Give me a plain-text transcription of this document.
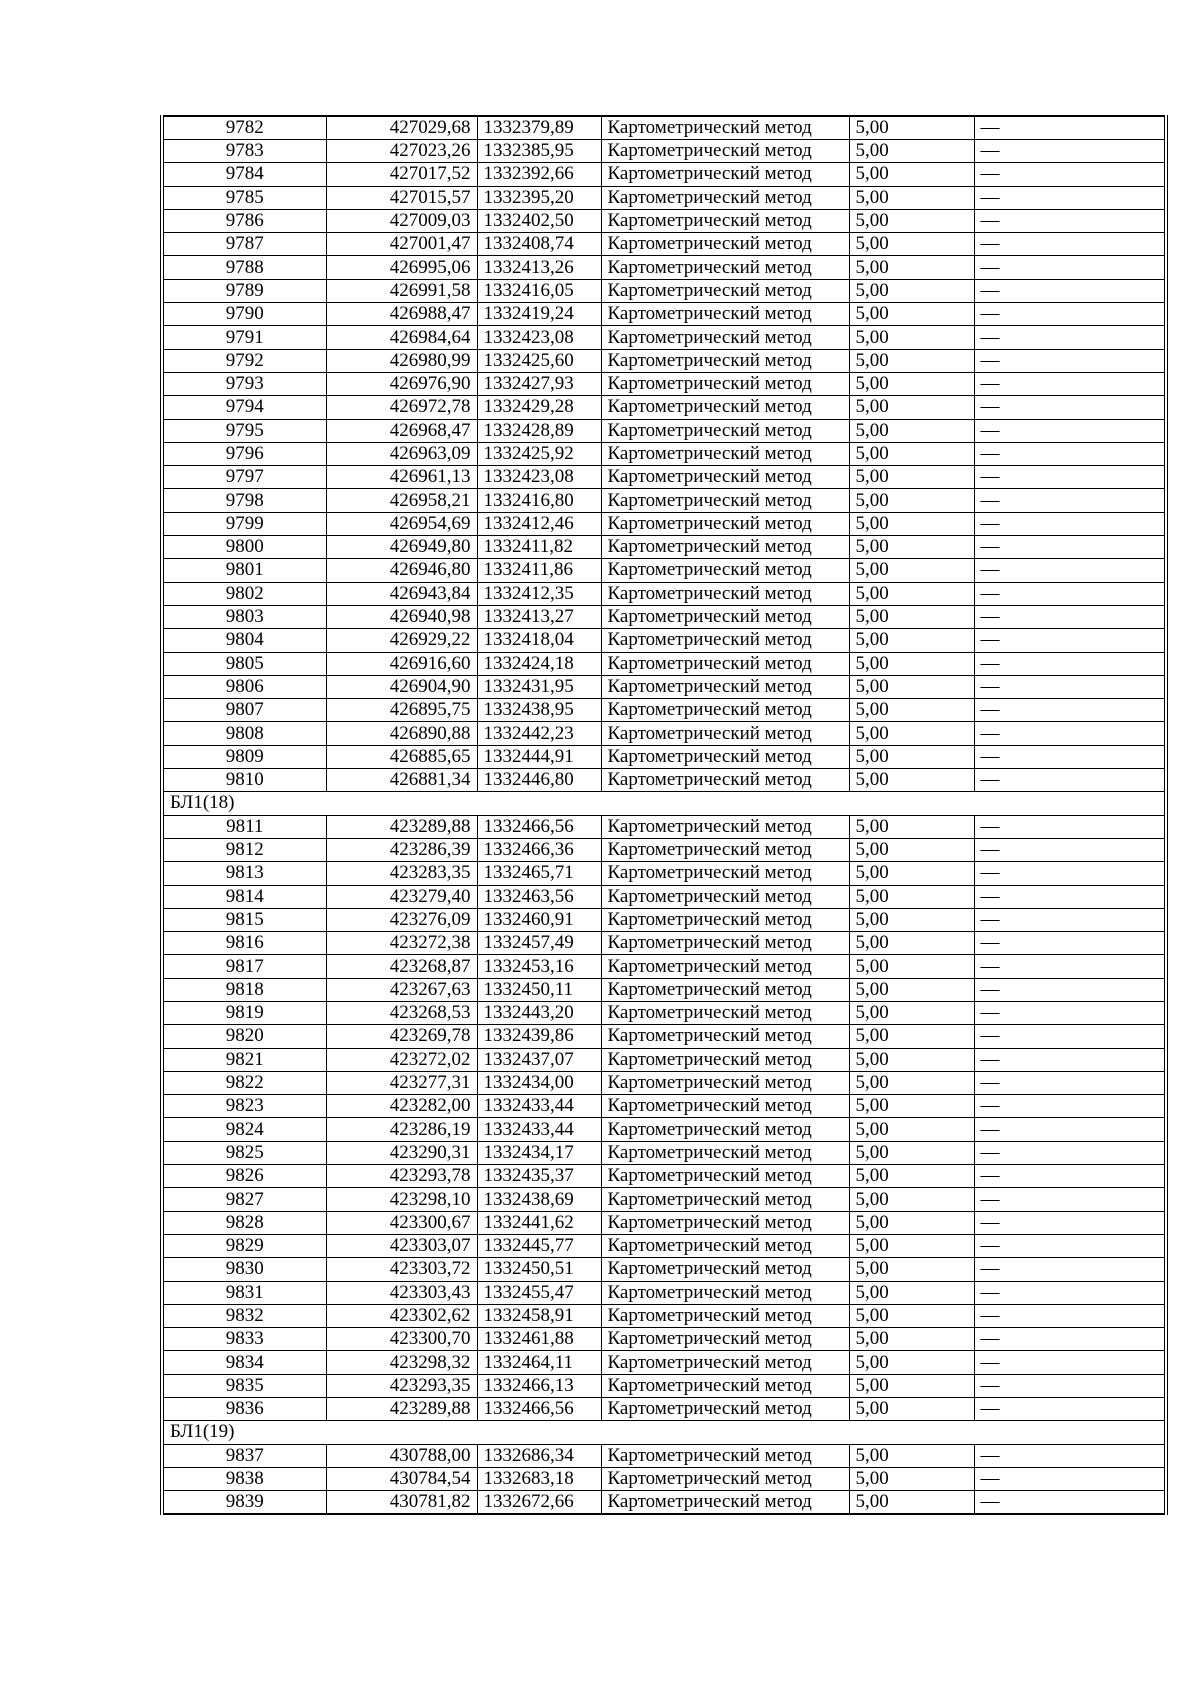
9782	427029,68	1332379,89	Картометрический метод	5,00	—
9783	427023,26	1332385,95	Картометрический метод	5,00	—
9784	427017,52	1332392,66	Картометрический метод	5,00	—
9785	427015,57	1332395,20	Картометрический метод	5,00	—
9786	427009,03	1332402,50	Картометрический метод	5,00	—
9787	427001,47	1332408,74	Картометрический метод	5,00	—
9788	426995,06	1332413,26	Картометрический метод	5,00	—
9789	426991,58	1332416,05	Картометрический метод	5,00	—
9790	426988,47	1332419,24	Картометрический метод	5,00	—
9791	426984,64	1332423,08	Картометрический метод	5,00	—
9792	426980,99	1332425,60	Картометрический метод	5,00	—
9793	426976,90	1332427,93	Картометрический метод	5,00	—
9794	426972,78	1332429,28	Картометрический метод	5,00	—
9795	426968,47	1332428,89	Картометрический метод	5,00	—
9796	426963,09	1332425,92	Картометрический метод	5,00	—
9797	426961,13	1332423,08	Картометрический метод	5,00	—
9798	426958,21	1332416,80	Картометрический метод	5,00	—
9799	426954,69	1332412,46	Картометрический метод	5,00	—
9800	426949,80	1332411,82	Картометрический метод	5,00	—
9801	426946,80	1332411,86	Картометрический метод	5,00	—
9802	426943,84	1332412,35	Картометрический метод	5,00	—
9803	426940,98	1332413,27	Картометрический метод	5,00	—
9804	426929,22	1332418,04	Картометрический метод	5,00	—
9805	426916,60	1332424,18	Картометрический метод	5,00	—
9806	426904,90	1332431,95	Картометрический метод	5,00	—
9807	426895,75	1332438,95	Картометрический метод	5,00	—
9808	426890,88	1332442,23	Картометрический метод	5,00	—
9809	426885,65	1332444,91	Картометрический метод	5,00	—
9810	426881,34	1332446,80	Картометрический метод	5,00	—
БЛ1(18)					
9811	423289,88	1332466,56	Картометрический метод	5,00	—
9812	423286,39	1332466,36	Картометрический метод	5,00	—
9813	423283,35	1332465,71	Картометрический метод	5,00	—
9814	423279,40	1332463,56	Картометрический метод	5,00	—
9815	423276,09	1332460,91	Картометрический метод	5,00	—
9816	423272,38	1332457,49	Картометрический метод	5,00	—
9817	423268,87	1332453,16	Картометрический метод	5,00	—
9818	423267,63	1332450,11	Картометрический метод	5,00	—
9819	423268,53	1332443,20	Картометрический метод	5,00	—
9820	423269,78	1332439,86	Картометрический метод	5,00	—
9821	423272,02	1332437,07	Картометрический метод	5,00	—
9822	423277,31	1332434,00	Картометрический метод	5,00	—
9823	423282,00	1332433,44	Картометрический метод	5,00	—
9824	423286,19	1332433,44	Картометрический метод	5,00	—
9825	423290,31	1332434,17	Картометрический метод	5,00	—
9826	423293,78	1332435,37	Картометрический метод	5,00	—
9827	423298,10	1332438,69	Картометрический метод	5,00	—
9828	423300,67	1332441,62	Картометрический метод	5,00	—
9829	423303,07	1332445,77	Картометрический метод	5,00	—
9830	423303,72	1332450,51	Картометрический метод	5,00	—
9831	423303,43	1332455,47	Картометрический метод	5,00	—
9832	423302,62	1332458,91	Картометрический метод	5,00	—
9833	423300,70	1332461,88	Картометрический метод	5,00	—
9834	423298,32	1332464,11	Картометрический метод	5,00	—
9835	423293,35	1332466,13	Картометрический метод	5,00	—
9836	423289,88	1332466,56	Картометрический метод	5,00	—
БЛ1(19)					
9837	430788,00	1332686,34	Картометрический метод	5,00	—
9838	430784,54	1332683,18	Картометрический метод	5,00	—
9839	430781,82	1332672,66	Картометрический метод	5,00	—
